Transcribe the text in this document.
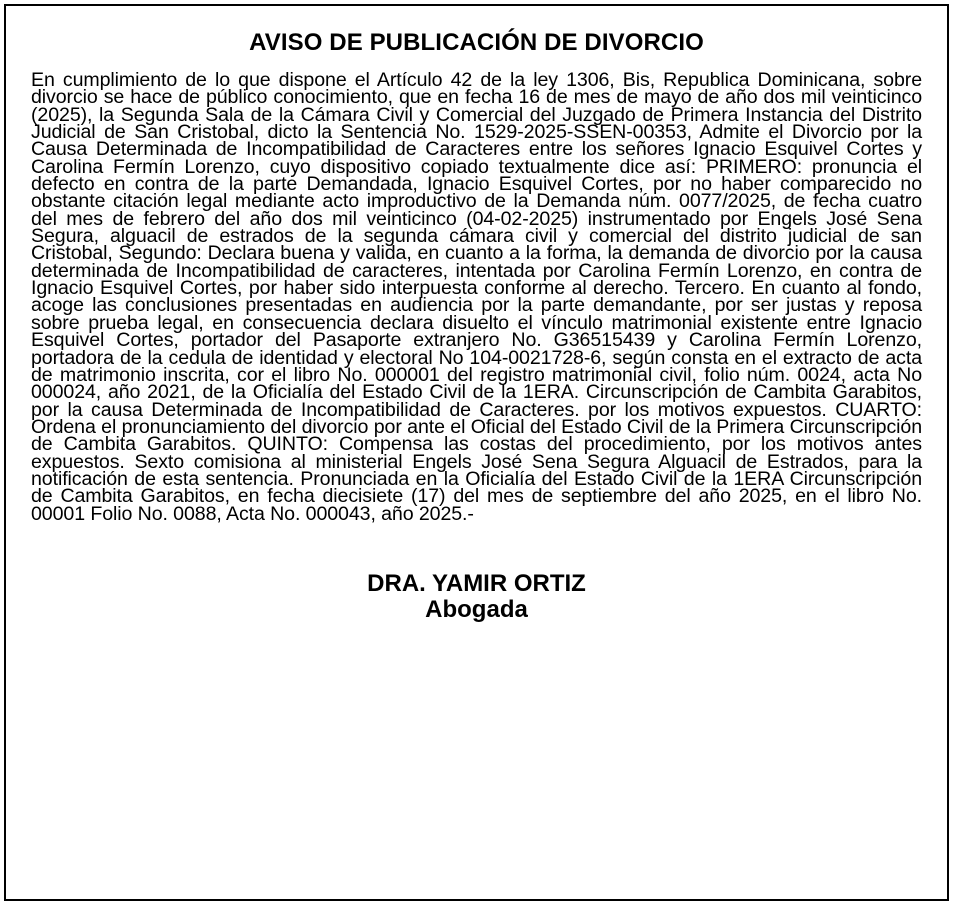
AVISO DE PUBLICACIÓN DE DIVORCIO

En cumplimiento de lo que dispone el Artículo 42 de la ley 1306, Bis, Republica Dominicana, sobre divorcio se hace de público conocimiento, que en fecha 16 de mes de mayo de año dos mil veinticinco (2025), la Segunda Sala de la Cámara Civil y Comercial del Juzgado de Primera Instancia del Distrito Judicial de San Cristobal, dicto la Sentencia No. 1529-2025-SSEN-00353, Admite el Divorcio por la Causa Determinada de Incompatibilidad de Caracteres entre los señores Ignacio Esquivel Cortes y Carolina Fermín Lorenzo, cuyo dispositivo copiado textualmente dice así: PRIMERO: pronuncia el defecto en contra de la parte Demandada, Ignacio Esquivel Cortes, por no haber comparecido no obstante citación legal mediante acto improductivo de la Demanda núm. 0077/2025, de fecha cuatro del mes de febrero del año dos mil veinticinco (04-02-2025) instrumentado por Engels José Sena Segura, alguacil de estrados de la segunda cámara civil y comercial del distrito judicial de san Cristobal, Segundo: Declara buena y valida, en cuanto a la forma, la demanda de divorcio por la causa determinada de Incompatibilidad de caracteres, intentada por Carolina Fermín Lorenzo, en contra de Ignacio Esquivel Cortes, por haber sido interpuesta conforme al derecho. Tercero. En cuanto al fondo, acoge las conclusiones presentadas en audiencia por la parte demandante, por ser justas y reposa sobre prueba legal, en consecuencia declara disuelto el vínculo matrimonial existente entre Ignacio Esquivel Cortes, portador del Pasaporte extranjero No. G36515439 y Carolina Fermín Lorenzo, portadora de la cedula de identidad y electoral No 104-0021728-6, según consta en el extracto de acta de matrimonio inscrita, cor el libro No. 000001 del registro matrimonial civil, folio núm. 0024, acta No 000024, año 2021, de la Oficialía del Estado Civil de la 1ERA. Circunscripción de Cambita Garabitos, por la causa Determinada de Incompatibilidad de Caracteres. por los motivos expuestos. CUARTO: Ordena el pronunciamiento del divorcio por ante el Oficial del Estado Civil de la Primera Circunscripción de Cambita Garabitos. QUINTO: Compensa las costas del procedimiento, por los motivos antes expuestos. Sexto comisiona al ministerial Engels José Sena Segura Alguacil de Estrados, para la notificación de esta sentencia. Pronunciada en la Oficialía del Estado Civil de la 1ERA Circunscripción de Cambita Garabitos, en fecha diecisiete (17) del mes de septiembre del año 2025, en el libro No. 00001 Folio No. 0088, Acta No. 000043, año 2025.-

DRA. YAMIR ORTIZ
Abogada
